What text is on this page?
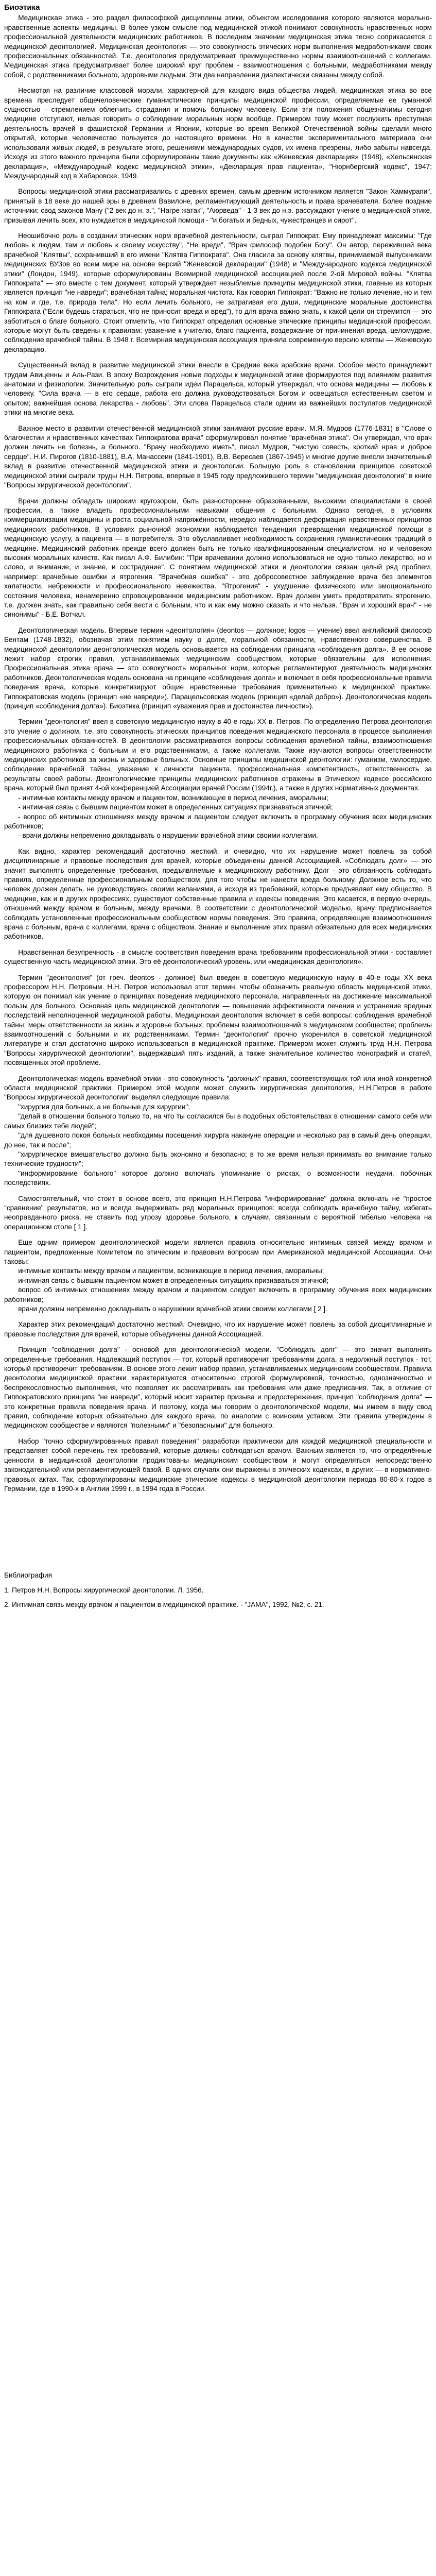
Биоэтика

Медицинская этика - это раздел философской дисциплины этики, объектом исследования которого являются морально-нравственные аспекты медицины. В более узком смысле под медицинской этикой понимают совокупность нравственных норм профессиональной деятельности медицинских работников. В последнем значении медицинская этика тесно соприкасается с медицинской деонтологией. Медицинская деонтология — это совокупность этических норм выполнения медработниками своих профессиональных обязанностей. Т.е. деонтология предусматривает преимущественно нормы взаимоотношений с коллегами. Медицинская этика предусматривает более широкий круг проблем - взаимоотношения с больными, медработниками между собой, с родственниками больного, здоровыми людьми. Эти два направления диалектически связаны между собой.

Несмотря на различие классовой морали, характерной для каждого вида общества людей, медицинская этика во все времена преследует общечеловеческие гуманистические принципы медицинской профессии, определяемые ее гуманной сущностью - стремлением облегчить страдания и помочь больному человеку. Если эти положения общезначимы сегодня медицине отступают, нельзя говорить о соблюдении моральных норм вообще. Примером тому может послужить преступная деятельность врачей в фашистской Германии и Японии, которые во время Великой Отечественной войны сделали много открытий, которые человечество пользуется до настоящего времени. Но в качестве экспериментального материала они использовали живых людей, в результате этого, решениями международных судов, их имена презрены, либо забыты навсегда. Исходя из этого важного принципа были сформулированы такие документы как «Женевская декларация» (1948), «Хельсинская декларация», «Международный кодекс медицинской этики», «Декларация прав пациента», "Нюрнбергский кодекс", 1947; Международный код в Хабаровске, 1949.

Вопросы медицинской этики рассматривались с древних времен, самым древним источником является "Закон Хаммурапи", принятый в 18 веке до нашей эры в древнем Вавилоне, регламентирующий деятельность и права врачевателя. Более поздние источники: свод законов Ману ("2 век до н. э.", "Нагре жатак", "Аюрведа" - 1-3 век до н.э. рассуждают учение о медицинской этике, призывая лечить всех, кто нуждается в медицинской помощи - "и богатых и бедных, чужестранцев и сирот".

Неошибочно роль в создании этических норм врачебной деятельности, сыграл Гиппократ. Ему принадлежат максимы: "Где любовь к людям, там и любовь к своему искусству", "Не вреди", "Врач философ подобен Богу". Он автор, пережившей века врачебной "Клятвы", сохранивший в его имени "Клятва Гиппократа". Она гласила за основу клятвы, принимаемой выпускниками медицинских ВУЗов во всем мире на основе версий "Женевской декларации" (1948) и "Международного кодекса медицинской этики" (Лондон, 1949), которые сформулированы Всемирной медицинской ассоциацией после 2-ой Мировой войны. "Клятва Гиппократа" — это вместе с тем документ, который утверждает незыблемые принципы медицинской этики, главные из которых является принцип "не навреди"; врачебная тайна; моральная чистота. Как говорил Гиппократ: "Важно не только лечение, но и тем на ком и где, т.е. природа тела". Но если лечить больного, не затрагивая его души, медицинские моральные достоинства Гиппократа ("Если будешь стараться, что не приносит вреда и вред"), то для врача важно знать, к какой цели он стремится — это заботиться о благе больного. Стоит отметить, что Гиппократ определил основные этические принципы медицинской профессии, которые могут быть сведены к правилам: уважение к учителю, благо пациента, воздержание от причинения вреда, целомудрие, соблюдение врачебной тайны. В 1948 г. Всемирная медицинская ассоциация приняла современную версию клятвы — Женевскую декларацию.

Существенный вклад в развитие медицинской этики внесли в Средние века арабские врачи. Особое место принадлежит трудам Авиценны и Аль-Рази. В эпоху Возрождения новые подходы к медицинской этике формируются под влиянием развития анатомии и физиологии. Значительную роль сыграли идеи Парацельса, который утверждал, что основа медицины — любовь к человеку. "Сила врача — в его сердце, работа его должна руководствоваться Богом и освещаться естественным светом и опытом; важнейшая основа лекарства - любовь". Эти слова Парацельса стали одним из важнейших постулатов медицинской этики на многие века.

Важное место в развитии отечественной медицинской этики занимают русские врачи. М.Я. Мудров (1776-1831) в "Слове о благочестии и нравственных качествах Гиппократова врача" сформулировал понятие "врачебная этика". Он утверждал, что врач должен лечить не болезнь, а больного. "Врачу необходимо иметь", писал Мудров, "чистую совесть, кроткий нрав и доброе сердце". Н.И. Пирогов (1810-1881), В.А. Манассеин (1841-1901), В.В. Вересаев (1867-1945) и многие другие внесли значительный вклад в развитие отечественной медицинской этики и деонтологии. Большую роль в становлении принципов советской медицинской этики сыграли труды Н.Н. Петрова, впервые в 1945 году предложившего термин "медицинская деонтология" в книге "Вопросы хирургической деонтологии".

Врачи должны обладать широким кругозором, быть разносторонне образованными, высокими специалистами в своей профессии, а также владеть профессиональными навыками общения с больными. Однако сегодня, в условиях коммерциализации медицины и роста социальной напряжённости, нередко наблюдается деформация нравственных принципов медицинских работников. В условиях рыночной экономики наблюдается тенденция превращения медицинской помощи в медицинскую услугу, а пациента — в потребителя. Это обуславливает необходимость сохранения гуманистических традиций в медицине. Медицинский работник прежде всего должен быть не только квалифицированным специалистом, но и человеком высоких моральных качеств. Как писал А.Ф. Билибин: "При врачевании должно использоваться не одно только лекарство, но и слово, и внимание, и знание, и сострадание". С понятием медицинской этики и деонтологии связан целый ряд проблем, например: врачебные ошибки и ятрогения. "Врачебная ошибка" - это добросовестное заблуждение врача без элементов халатности, небрежности и профессионального невежества. "Ятрогения" - ухудшение физического или эмоционального состояния человека, ненамеренно спровоцированное медицинским работником. Врач должен уметь предотвратить ятрогению, т.е. должен знать, как правильно себя вести с больным, что и как ему можно сказать и что нельзя. "Врач и хороший врач" - не синонимы" - Б.Е. Вотчал.

Деонтологическая модель. Впервые термин «деонтология» (deontos — должное; logos — учение) ввел английский философ Бентам (1748-1832), обозначая этим понятием науку о долге, моральной обязанности, нравственного совершенства. В медицинской деонтологии деонтологическая модель основывается на соблюдении принципа «соблюдения долга». В ее основе лежит набор строгих правил, устанавливаемых медицинским сообществом, которые обязательны для исполнения. Профессиональная этика врача — это совокупность моральных норм, которые регламентируют деятельность медицинских работников. Деонтологическая модель основана на принципе «соблюдения долга» и включает в себя профессиональные правила поведения врача, которые конкретизируют общие нравственные требования применительно к медицинской практике. Гиппократовская модель (принцип «не навреди»). Парацельсовская модель (принцип «делай добро»). Деонтологическая модель (принцип «соблюдения долга»). Биоэтика (принцип «уважения прав и достоинства личности»).

Термин "деонтология" ввел в советскую медицинскую науку в 40-е годы ХХ в. Петров. По определению Петрова деонтология это учение о должном, т.е. это совокупность этических принципов поведения медицинского персонала в процессе выполнения профессиональных обязанностей. В деонтологии рассматриваются вопросы соблюдения врачебной тайны, взаимоотношения медицинского работника с больным и его родственниками, а также коллегами. Также изучаются вопросы ответственности медицинских работников за жизнь и здоровье больных. Основные принципы медицинской деонтологии: гуманизм, милосердие, соблюдение врачебной тайны, уважение к личности пациента, профессиональная компетентность, ответственность за результаты своей работы. Деонтологические принципы медицинских работников отражены в Этическом кодексе российского врача, который был принят 4-ой конференцией Ассоциации врачей России (1994г.), а также в других нормативных документах.

- интимные контакты между врачом и пациентом, возникающие в период лечения, аморальны;

- интимная связь с бывшим пациентом может в определенных ситуациях признаваться этичной;

- вопрос об интимных отношениях между врачом и пациентом следует включить в программу обучения всех медицинских работников;

- врачи должны непременно докладывать о нарушении врачебной этики своими коллегами.

Как видно, характер рекомендаций достаточно жесткий, и очевидно, что их нарушение может повлечь за собой дисциплинарные и правовые последствия для врачей, которые объединены данной Ассоциацией. «Соблюдать долг» — это значит выполнять определенные требования, предъявляемые к медицинскому работнику. Долг - это обязанность соблюдать правила, определенные профессиональным сообществом, для того чтобы не нанести вреда больному. Должное есть то, что человек должен делать, не руководствуясь своими желаниями, а исходя из требований, которые предъявляет ему общество. В медицине, как и в других профессиях, существуют собственные правила и кодексы поведения. Это касается, в первую очередь, отношений между врачом и больным, между врачами. В соответствии с деонтологической моделью, врачу предписывается соблюдать установленные профессиональным сообществом нормы поведения. Это правила, определяющие взаимоотношения врача с больным, врача с коллегами, врача с обществом. Знание и выполнение этих правил обязательно для всех медицинских работников.

Нравственная безупречность - в смысле соответствия поведения врача требованиям профессиональной этики - составляет существенную часть медицинской этики. Это её деонтологический уровень, или «медицинская деонтология».

Термин "деонтология" (от греч. deontos - должное) был введен в советскую медицинскую науку в 40-е годы ХХ века профессором Н.Н. Петровым. Н.Н. Петров использовал этот термин, чтобы обозначить реальную область медицинской этики, которую он понимал как учение о принципах поведения медицинского персонала, направленных на достижение максимальной пользы для больного. Основная цель медицинской деонтологии — повышение эффективности лечения и устранение вредных последствий неполноценной медицинской работы. Медицинская деонтология включает в себя вопросы: соблюдения врачебной тайны; меры ответственности за жизнь и здоровье больных; проблемы взаимоотношений в медицинском сообществе; проблемы взаимоотношений с больными и их родственниками. Термин "деонтология" прочно укоренился в советской медицинской литературе и стал достаточно широко использоваться в медицинской практике. Примером может служить труд Н.Н. Петрова "Вопросы хирургической деонтологии", выдержавший пять изданий, а также значительное количество монографий и статей, посвященных этой проблеме.

Деонтологическая модель врачебной этики - это совокупность "должных" правил, соответствующих той или иной конкретной области медицинской практики. Примером этой модели может служить хирургическая деонтология, Н.Н.Петров в работе "Вопросы хирургической деонтологии" выделял следующие правила:

"хирургия для больных, а не больные для хирургии";

"делай в отношении больного только то, на что ты согласился бы в подобных обстоятельствах в отношении самого себя или самых близких тебе людей";

"для душевного покоя больных необходимы посещения хирурга накануне операции и несколько раз в самый день операции, до нее, так и после";

"хирургическое вмешательство должно быть экономно и безопасно; в то же время нельзя принимать во внимание только технические трудности";

"информирование больного" которое должно включать упоминание о рисках, о возможности неудачи, побочных последствиях.

Самостоятельный, что стоит в основе всего, это принцип Н.Н.Петрова "информирование" должна включать не "простое "сравнение" результатов, но и всегда выдерживать ряд моральных принципов: всегда соблюдать врачебную тайну, избегать неоправданного риска, не ставить под угрозу здоровье больного, к случаям, связанным с вероятной гибелью человека на операционном столе [ 1 ].

Еще одним примером деонтологической модели является правила относительно интимных связей между врачом и пациентом, предложенные Комитетом по этическим и правовым вопросам при Американской медицинской Ассоциации. Они таковы:

интимные контакты между врачом и пациентом, возникающие в период лечения, аморальны;

интимная связь с бывшим пациентом может в определенных ситуациях признаваться этичной;

вопрос об интимных отношениях между врачом и пациентом следует включить в программу обучения всех медицинских работников;

врачи должны непременно докладывать о нарушении врачебной этики своими коллегами [ 2 ].

Характер этих рекомендаций достаточно жесткий. Очевидно, что их нарушение может повлечь за собой дисциплинарные и правовые последствия для врачей, которые объединены данной Ассоциацией.

Принцип "соблюдения долга" - основой для деонтологической модели. "Соблюдать долг" — это значит выполнять определенные требования. Надлежащий поступок — тот, который противоречит требованиям долга, а недолжный поступок - тот, который противоречит требованиям. В основе этого лежит набор правил, устанавливаемых медицинским сообществом. Правила деонтологии медицинской практики характеризуются относительно строгой формулировкой, точностью, однозначностью и беспрекословностью выполнения, что позволяет их рассматривать как требования или даже предписания. Так, в отличие от Гиппократовского принципа "не навреди", который носит характер призыва и предостережения, принцип "соблюдения долга" — это конкретные правила поведения врача. И поэтому, когда мы говорим о деонтологической модели, мы имеем в виду свод правил, соблюдение которых обязательно для каждого врача, по аналогии с воинским уставом. Эти правила утверждены в медицинском сообществе и являются "полезными" и "безопасными" для больного.

Набор "точно сформулированных правил поведения" разработан практически для каждой медицинской специальности и представляет собой перечень тех требований, которые должны соблюдаться врачом. Важным является то, что определённые ценности в медицинской деонтологии продиктованы медицинским сообществом и могут определяться непосредственно законодательной или регламентирующей базой. В одних случаях они выражены в этических кодексах, в других — в нормативно-правовых актах. Так, сформулированы медицинские этические кодексы в медицинской деонтологии периода 80-80-х годов в Германии, где в 1990-х в Англии 1999 г., в 1994 года в России.

Библиография
1. Петров Н.Н. Вопросы хирургической деонтологии. Л. 1956.
2. Интимная связь между врачом и пациентом в медицинской практике. - "JAMA", 1992, №2, с. 21.
